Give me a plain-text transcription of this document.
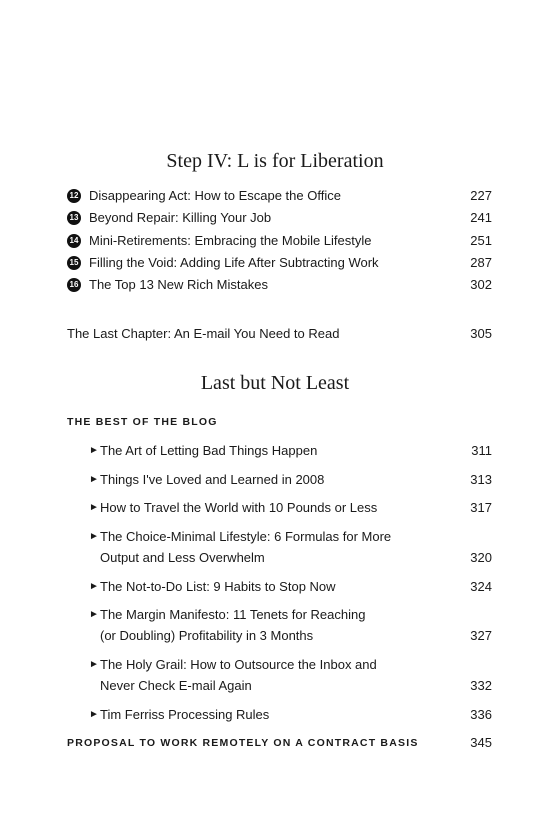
Step IV: L is for Liberation
12 Disappearing Act: How to Escape the Office	227
13 Beyond Repair: Killing Your Job	241
14 Mini-Retirements: Embracing the Mobile Lifestyle	251
15 Filling the Void: Adding Life After Subtracting Work	287
16 The Top 13 New Rich Mistakes	302
The Last Chapter: An E-mail You Need to Read	305
Last but Not Least
THE BEST OF THE BLOG
► The Art of Letting Bad Things Happen	311
► Things I've Loved and Learned in 2008	313
► How to Travel the World with 10 Pounds or Less	317
► The Choice-Minimal Lifestyle: 6 Formulas for More
Output and Less Overwhelm	320
► The Not-to-Do List: 9 Habits to Stop Now	324
► The Margin Manifesto: 11 Tenets for Reaching
(or Doubling) Profitability in 3 Months	327
► The Holy Grail: How to Outsource the Inbox and
Never Check E-mail Again	332
► Tim Ferriss Processing Rules	336
PROPOSAL TO WORK REMOTELY ON A CONTRACT BASIS	345
